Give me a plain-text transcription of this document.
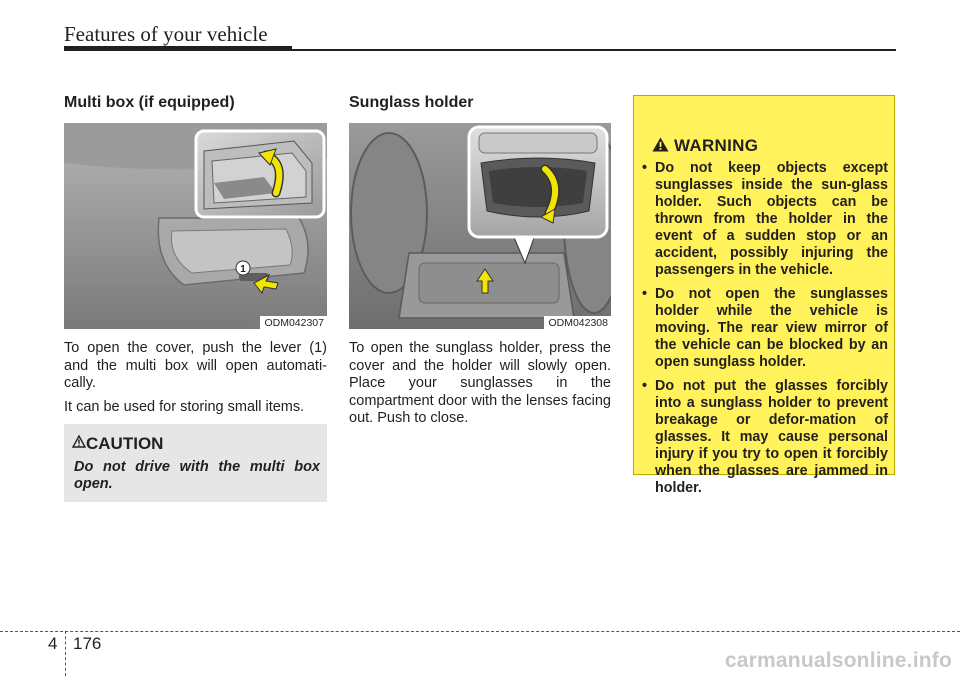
Features of your vehicle
Multi box (if equipped)
1
ODM042307

To open the cover, push the lever (1) and the multi box will open automati-cally.

It can be used for storing small items.

CAUTION
Do not drive with the multi box open.
Sunglass holder
ODM042308

To open the sunglass holder, press the cover and the holder will slowly open. Place your sunglasses in the compartment door with the lenses facing out. Push to close.

WARNING
• Do not keep objects except sunglasses inside the sun-glass holder. Such objects can be thrown from the holder in the event of a sudden stop or an accident, possibly injuring the passengers in the vehicle.
• Do not open the sunglasses holder while the vehicle is moving. The rear view mirror of the vehicle can be blocked by an open sunglass holder.
• Do not put the glasses forcibly into a sunglass holder to prevent breakage or defor-mation of glasses. It may cause personal injury if you try to open it forcibly when the glasses are jammed in holder.
4 176
carmanualsonline.info
